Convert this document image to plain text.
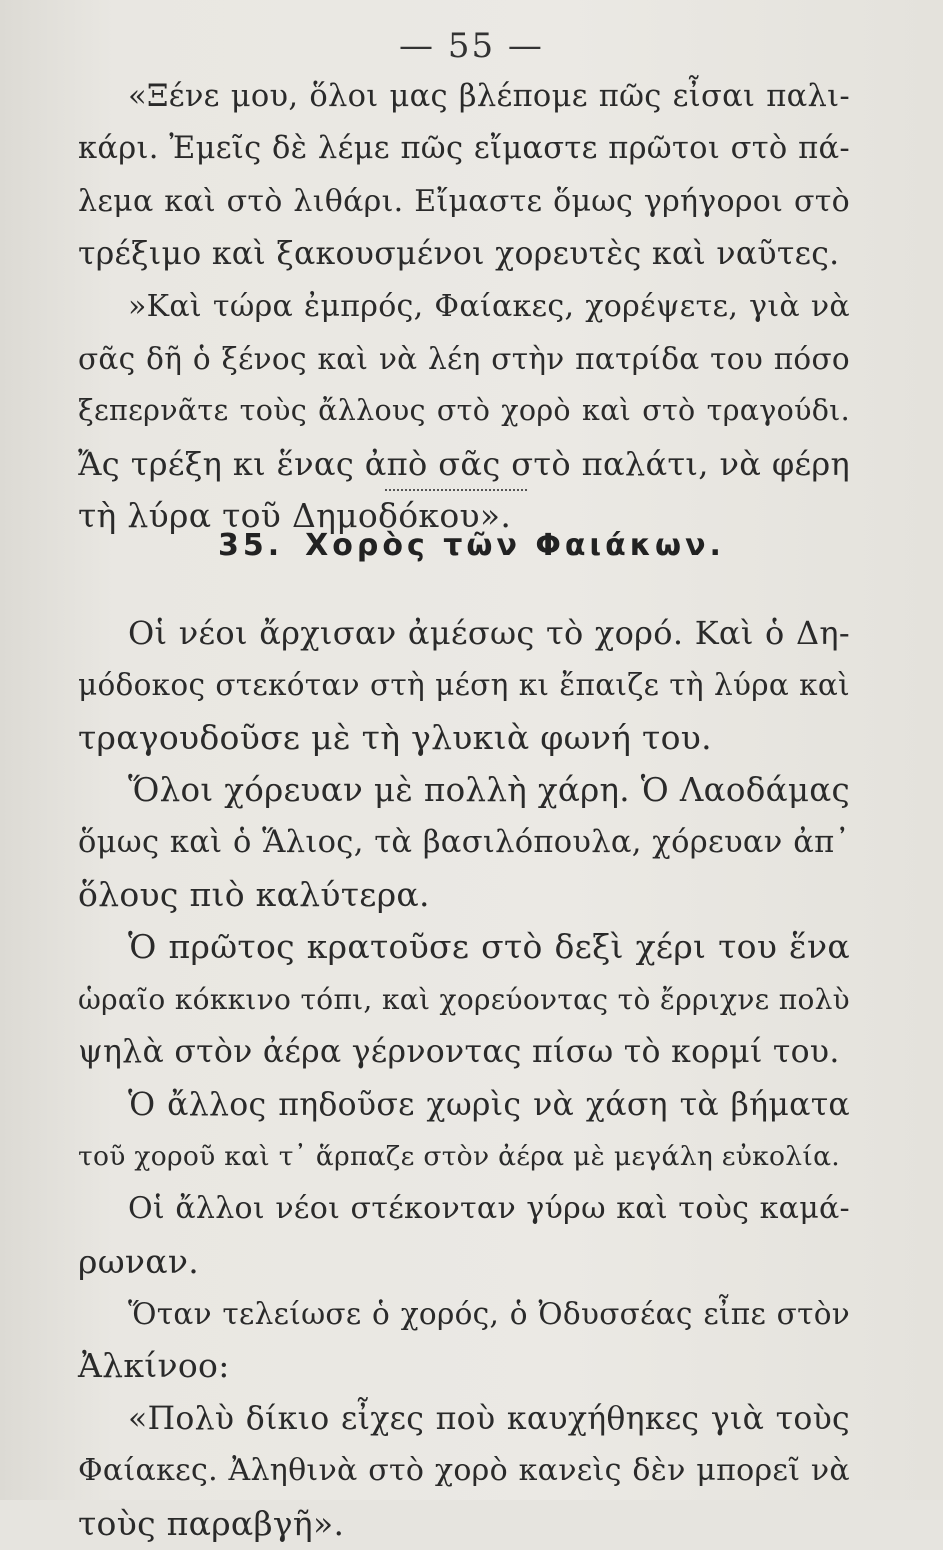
— 55 —
«Ξένε μου, ὅλοι μας βλέπομε πῶς εἶσαι παλι-
κάρι. Ἐμεῖς δὲ λέμε πῶς εἴμαστε πρῶτοι στὸ πά-
λεμα καὶ στὸ λιθάρι. Εἴμαστε ὅμως γρήγοροι στὸ
τρέξιμο καὶ ξακουσμένοι χορευτὲς καὶ ναῦτες.
»Καὶ τώρα ἐμπρός, Φαίακες, χορέψετε, γιὰ νὰ
σᾶς δῆ ὁ ξένος καὶ νὰ λέη στὴν πατρίδα του πόσο
ξεπερνᾶτε τοὺς ἄλλους στὸ χορὸ καὶ στὸ τραγούδι.
Ἄς τρέξη κι ἕνας ἀπὸ σᾶς στὸ παλάτι, νὰ φέρη
τὴ λύρα τοῦ Δημοδόκου».
35. Χορὸς τῶν Φαιάκων.
Οἱ νέοι ἄρχισαν ἀμέσως τὸ χορό. Καὶ ὁ Δη-
μόδοκος στεκόταν στὴ μέση κι ἔπαιζε τὴ λύρα καὶ
τραγουδοῦσε μὲ τὴ γλυκιὰ φωνή του.
Ὅλοι χόρευαν μὲ πολλὴ χάρη. Ὁ Λαοδάμας
ὅμως καὶ ὁ Ἅλιος, τὰ βασιλόπουλα, χόρευαν ἀπ᾽
ὅλους πιὸ καλύτερα.
Ὁ πρῶτος κρατοῦσε στὸ δεξὶ χέρι του ἕνα
ὡραῖο κόκκινο τόπι, καὶ χορεύοντας τὸ ἔρριχνε πολὺ
ψηλὰ στὸν ἀέρα γέρνοντας πίσω τὸ κορμί του.
Ὁ ἄλλος πηδοῦσε χωρὶς νὰ χάση τὰ βήματα
τοῦ χοροῦ καὶ τ᾽ ἅρπαζε στὸν ἀέρα μὲ μεγάλη εὐκολία.
Οἱ ἄλλοι νέοι στέκονταν γύρω καὶ τοὺς καμά-
ρωναν.
Ὅταν τελείωσε ὁ χορός, ὁ Ὀδυσσέας εἶπε στὸν
Ἀλκίνοο:
«Πολὺ δίκιο εἶχες ποὺ καυχήθηκες γιὰ τοὺς
Φαίακες. Ἀληθινὰ στὸ χορὸ κανεὶς δὲν μπορεῖ νὰ
τοὺς παραβγῆ».
